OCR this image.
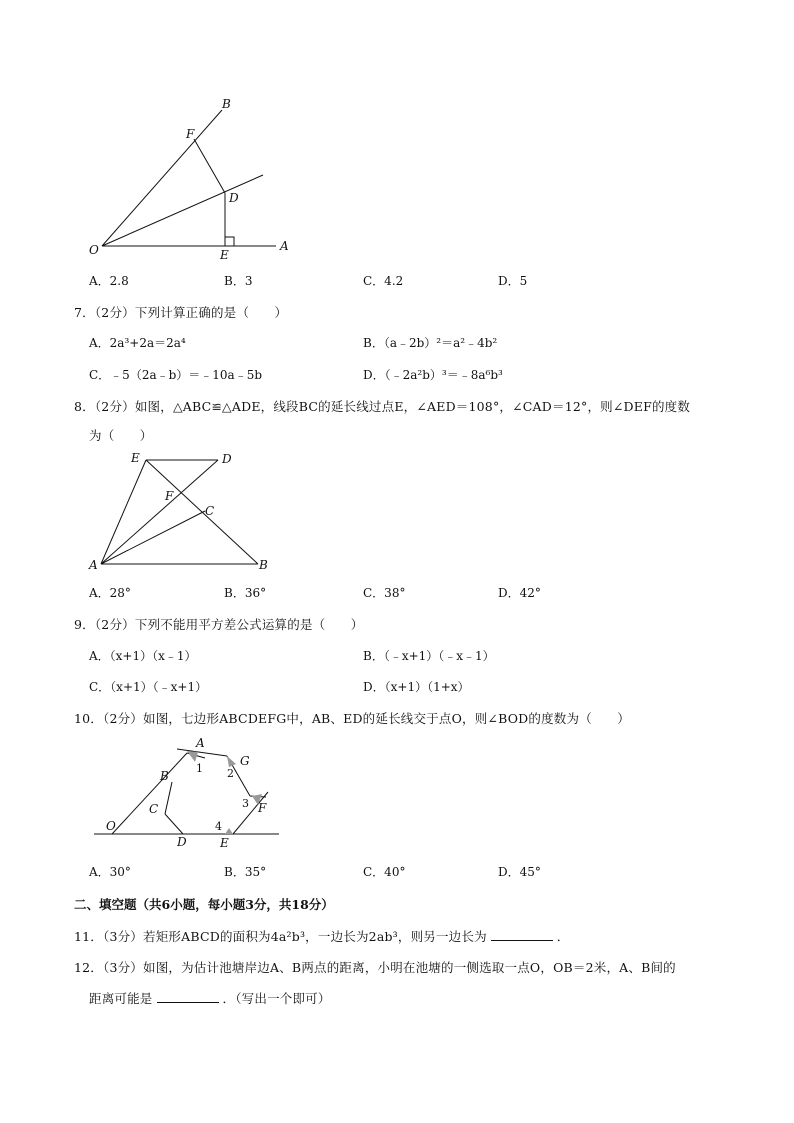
B
F
D
O	E
A
A．2.8	B．3	C．4.2	D．5
7．（2分）下列计算正确的是（　　）
A．2a³+2a＝2a⁴	B．（a﹣2b）²＝a²﹣4b²
C．﹣5（2a﹣b）＝﹣10a﹣5b	D．（﹣2a²b）³＝﹣8a⁶b³
8．（2分）如图，△ABC≌△ADE，线段BC的延长线过点E，∠AED＝108°，∠CAD＝12°，则∠DEF的度数
为（　　）
E	D
F
C
A	B
A．28°	B．36°	C．38°	D．42°
9．（2分）下列不能用平方差公式运算的是（　　）
A．（x+1）（x﹣1）	B．（﹣x+1）（﹣x﹣1）
C．（x+1）（﹣x+1）	D．（x+1）（1+x）
10．（2分）如图，七边形ABCDEFG中，AB、ED的延长线交于点O，则∠BOD的度数为（　　）
A
G
B
C	F
O
D	E
1 2
3
4
A．30°	B．35°	C．40°	D．45°
二、填空题（共6小题，每小题3分，共18分）
11．（3分）若矩形ABCD的面积为4a²b³，一边长为2ab³，则另一边长为	．
12．（3分）如图，为估计池塘岸边A、B两点的距离，小明在池塘的一侧选取一点O，OB＝2米，A、B间的
距离可能是	．（写出一个即可）
